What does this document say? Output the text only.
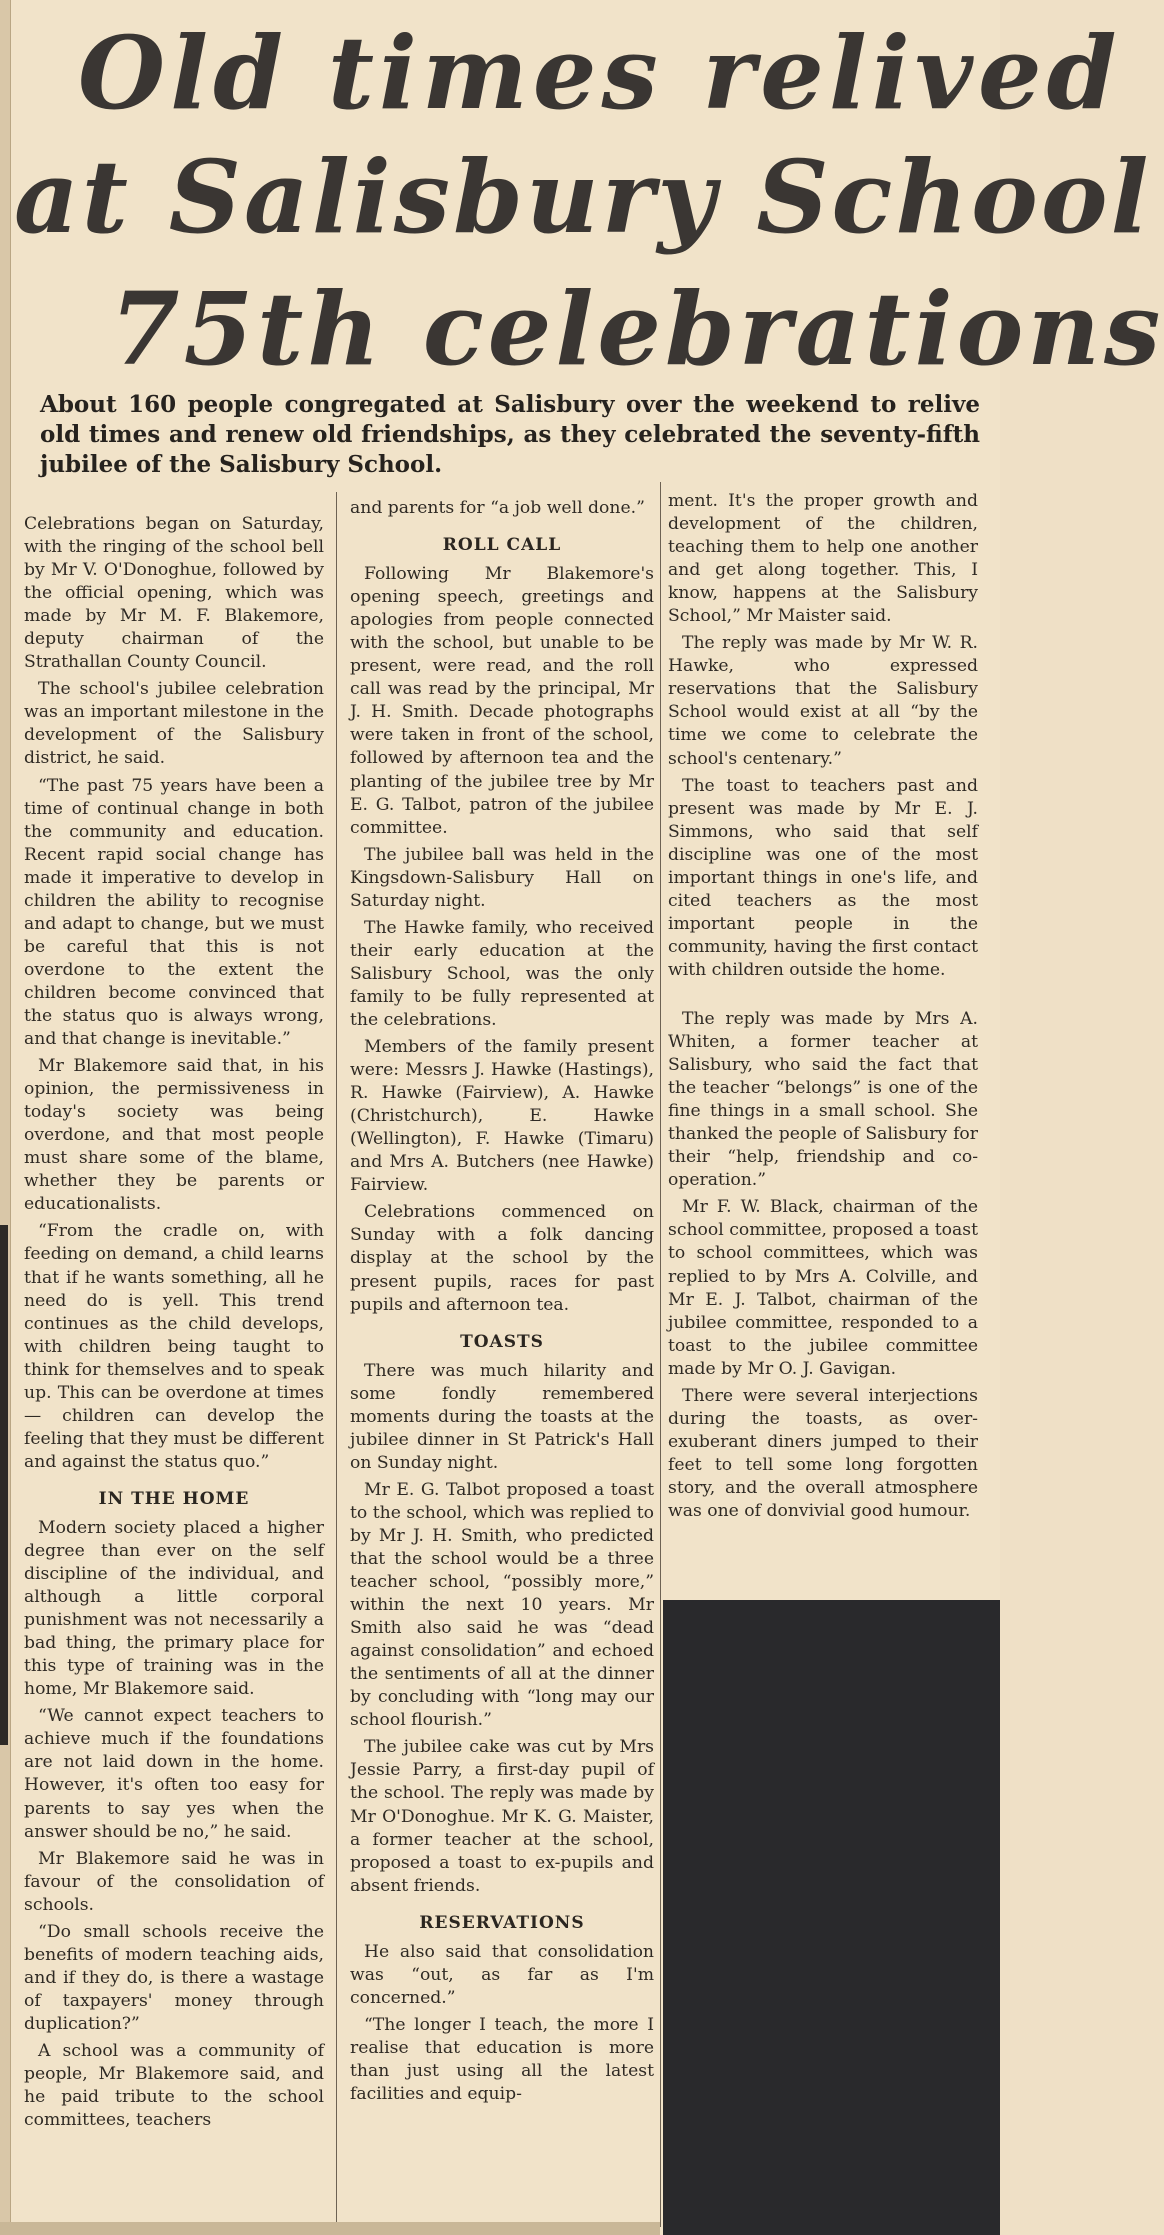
Old times relived
at Salisbury School
75th celebrations

About 160 people congregated at Salisbury over the weekend to relive old times and renew old friendships, as they celebrated the seventy-fifth jubilee of the Salisbury School.

Celebrations began on Saturday, with the ringing of the school bell by Mr V. O'Donoghue, followed by the official opening, which was made by Mr M. F. Blakemore, deputy chairman of the Strathallan County Council.

The school's jubilee celebration was an important milestone in the development of the Salisbury district, he said.

“The past 75 years have been a time of continual change in both the community and education. Recent rapid social change has made it imperative to develop in children the ability to recognise and adapt to change, but we must be careful that this is not overdone to the extent the children become convinced that the status quo is always wrong, and that change is inevitable.”

Mr Blakemore said that, in his opinion, the permissiveness in today's society was being overdone, and that most people must share some of the blame, whether they be parents or educationalists.

“From the cradle on, with feeding on demand, a child learns that if he wants something, all he need do is yell. This trend continues as the child develops, with children being taught to think for themselves and to speak up. This can be overdone at times — children can develop the feeling that they must be different and against the status quo.”

IN THE HOME

Modern society placed a higher degree than ever on the self discipline of the individual, and although a little corporal punishment was not necessarily a bad thing, the primary place for this type of training was in the home, Mr Blakemore said.

“We cannot expect teachers to achieve much if the foundations are not laid down in the home. However, it's often too easy for parents to say yes when the answer should be no,” he said.

Mr Blakemore said he was in favour of the consolidation of schools.

“Do small schools receive the benefits of modern teaching aids, and if they do, is there a wastage of taxpayers' money through duplication?”

A school was a community of people, Mr Blakemore said, and he paid tribute to the school committees, teachers

and parents for “a job well done.”

ROLL CALL

Following Mr Blakemore's opening speech, greetings and apologies from people connected with the school, but unable to be present, were read, and the roll call was read by the principal, Mr J. H. Smith. Decade photographs were taken in front of the school, followed by afternoon tea and the planting of the jubilee tree by Mr E. G. Talbot, patron of the jubilee committee.

The jubilee ball was held in the Kingsdown-Salisbury Hall on Saturday night.

The Hawke family, who received their early education at the Salisbury School, was the only family to be fully represented at the celebrations.

Members of the family present were: Messrs J. Hawke (Hastings), R. Hawke (Fairview), A. Hawke (Christchurch), E. Hawke (Wellington), F. Hawke (Timaru) and Mrs A. Butchers (nee Hawke) Fairview.

Celebrations commenced on Sunday with a folk dancing display at the school by the present pupils, races for past pupils and afternoon tea.

TOASTS

There was much hilarity and some fondly remembered moments during the toasts at the jubilee dinner in St Patrick's Hall on Sunday night.

Mr E. G. Talbot proposed a toast to the school, which was replied to by Mr J. H. Smith, who predicted that the school would be a three teacher school, “possibly more,” within the next 10 years. Mr Smith also said he was “dead against consolidation” and echoed the sentiments of all at the dinner by concluding with “long may our school flourish.”

The jubilee cake was cut by Mrs Jessie Parry, a first-day pupil of the school. The reply was made by Mr O'Donoghue. Mr K. G. Maister, a former teacher at the school, proposed a toast to ex-pupils and absent friends.

RESERVATIONS

He also said that consolidation was “out, as far as I'm concerned.”

“The longer I teach, the more I realise that education is more than just using all the latest facilities and equip-

ment. It's the proper growth and development of the children, teaching them to help one another and get along together. This, I know, happens at the Salisbury School,” Mr Maister said.

The reply was made by Mr W. R. Hawke, who expressed reservations that the Salisbury School would exist at all “by the time we come to celebrate the school's centenary.”

The toast to teachers past and present was made by Mr E. J. Simmons, who said that self discipline was one of the most important things in one's life, and cited teachers as the most important people in the community, having the first contact with children outside the home.

The reply was made by Mrs A. Whiten, a former teacher at Salisbury, who said the fact that the teacher “belongs” is one of the fine things in a small school. She thanked the people of Salisbury for their “help, friendship and co-operation.”

Mr F. W. Black, chairman of the school committee, proposed a toast to school committees, which was replied to by Mrs A. Colville, and Mr E. J. Talbot, chairman of the jubilee committee, responded to a toast to the jubilee committee made by Mr O. J. Gavigan.

There were several interjections during the toasts, as over-exuberant diners jumped to their feet to tell some long forgotten story, and the overall atmosphere was one of donvivial good humour.
